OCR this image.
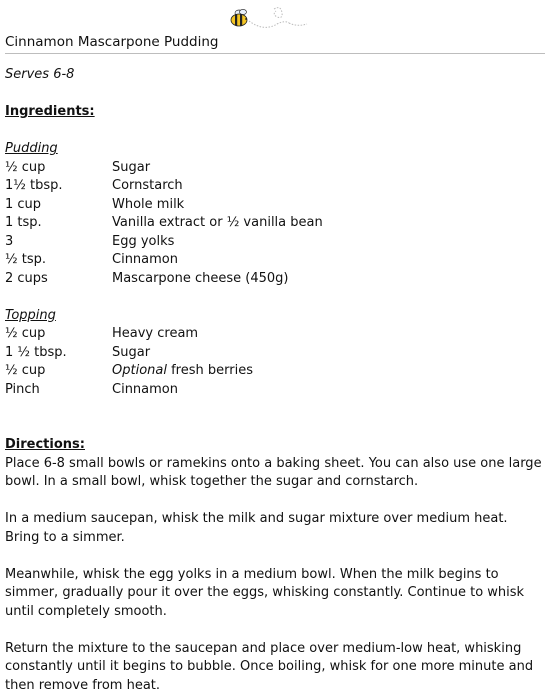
Cinnamon Mascarpone Pudding

Serves 6-8

Ingredients:

Pudding

½ cup	Sugar
1½ tbsp.	Cornstarch
1 cup	Whole milk
1 tsp.	Vanilla extract or ½ vanilla bean
3	Egg yolks
½ tsp.	Cinnamon
2 cups	Mascarpone cheese (450g)

Topping

½ cup	Heavy cream
1 ½ tbsp.	Sugar
½ cup	Optional fresh berries
Pinch	Cinnamon

Directions:

Place 6-8 small bowls or ramekins onto a baking sheet. You can also use one large bowl. In a small bowl, whisk together the sugar and cornstarch.

In a medium saucepan, whisk the milk and sugar mixture over medium heat. Bring to a simmer.

Meanwhile, whisk the egg yolks in a medium bowl. When the milk begins to simmer, gradually pour it over the eggs, whisking constantly. Continue to whisk until completely smooth.

Return the mixture to the saucepan and place over medium-low heat, whisking constantly until it begins to bubble. Once boiling, whisk for one more minute and then remove from heat.
